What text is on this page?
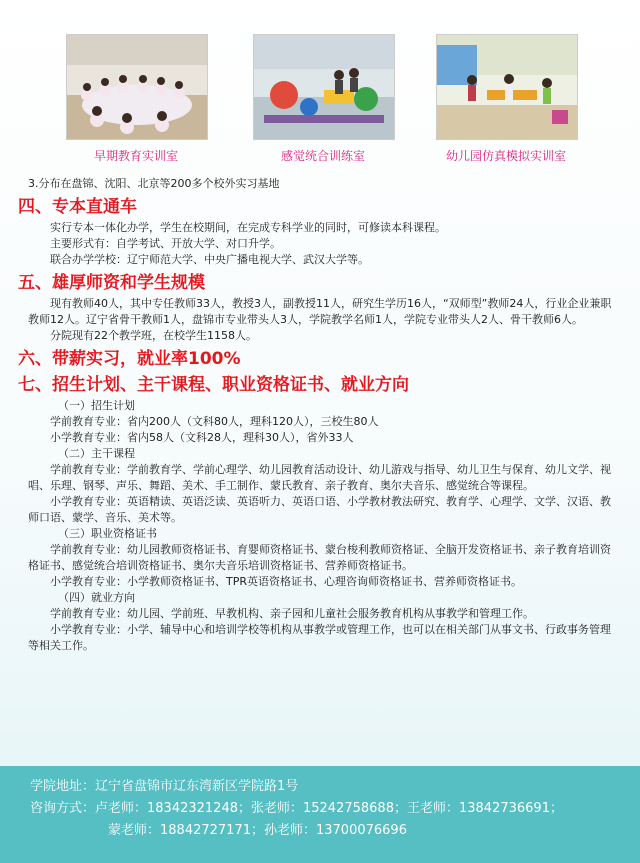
早期教育实训室	感觉统合训练室	幼儿园仿真模拟实训室

3.分布在盘锦、沈阳、北京等200多个校外实习基地

四、专本直通车

实行专本一体化办学，学生在校期间，在完成专科学业的同时，可修读本科课程。

主要形式有：自学考试、开放大学、对口升学。

联合办学学校：辽宁师范大学、中央广播电视大学、武汉大学等。

五、雄厚师资和学生规模

现有教师40人，其中专任教师33人，教授3人，副教授11人，研究生学历16人，“双师型”教师24人，行业企业兼职教师12人。辽宁省骨干教师1人，盘锦市专业带头人3人，学院教学名师1人，学院专业带头人2人、骨干教师6人。

分院现有22个教学班，在校学生1158人。

六、带薪实习，就业率100%
七、招生计划、主干课程、职业资格证书、就业方向

（一）招生计划

学前教育专业：省内200人（文科80人，理科120人），三校生80人

小学教育专业：省内58人（文科28人，理科30人），省外33人

（二）主干课程

学前教育专业：学前教育学、学前心理学、幼儿园教育活动设计、幼儿游戏与指导、幼儿卫生与保育、幼儿文学、视唱、乐理、钢琴、声乐、舞蹈、美术、手工制作、蒙氏教育、亲子教育、奥尔夫音乐、感觉统合等课程。

小学教育专业：英语精读、英语泛读、英语听力、英语口语、小学教材教法研究、教育学、心理学、文学、汉语、教师口语、蒙学、音乐、美术等。

（三）职业资格证书

学前教育专业：幼儿园教师资格证书、育婴师资格证书、蒙台梭利教师资格证、全脑开发资格证书、亲子教育培训资格证书、感觉统合培训资格证书、奥尔夫音乐培训资格证书、营养师资格证书。

小学教育专业：小学教师资格证书、TPR英语资格证书、心理咨询师资格证书、营养师资格证书。

（四）就业方向

学前教育专业：幼儿园、学前班、早教机构、亲子园和儿童社会服务教育机构从事教学和管理工作。

小学教育专业：小学、辅导中心和培训学校等机构从事教学或管理工作，也可以在相关部门从事文书、行政事务管理等相关工作。

学院地址：辽宁省盘锦市辽东湾新区学院路1号
咨询方式：卢老师：18342321248；张老师：15242758688；王老师：13842736691；
蒙老师：18842727171；孙老师：13700076696
